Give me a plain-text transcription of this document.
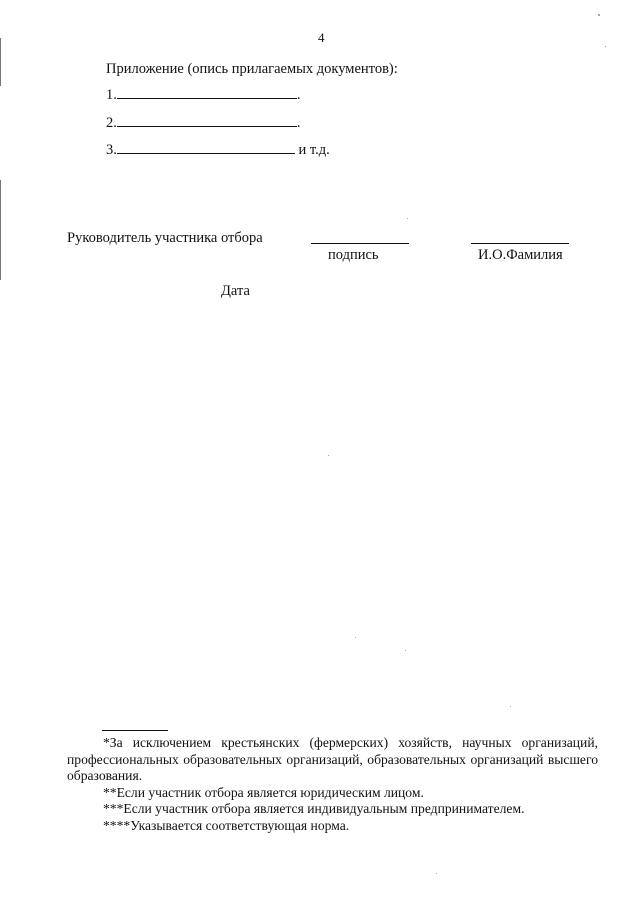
4
Приложение (опись прилагаемых документов):
1.	.
2.	.
3.	и т.д.
Руководитель участника отбора
подпись	И.О.Фамилия
Дата

*За исключением крестьянских (фермерских) хозяйств, научных организаций, профессиональных образовательных организаций, образовательных организаций высшего образования.

**Если участник отбора является юридическим лицом.

***Если участник отбора является индивидуальным предпринимателем.

****Указывается соответствующая норма.
